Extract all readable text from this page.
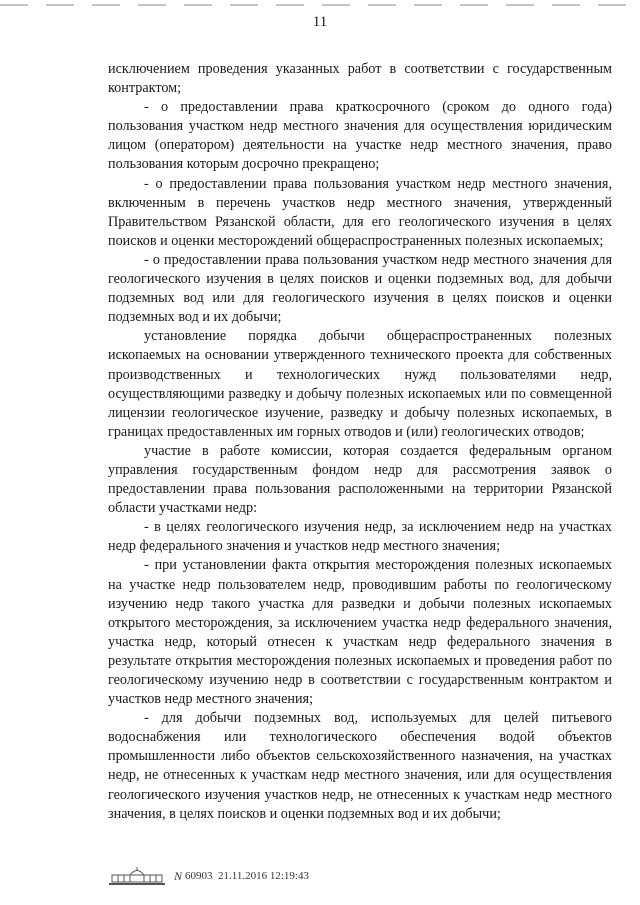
11

исключением проведения указанных работ в соответствии с государственным контрактом;

- о предоставлении права краткосрочного (сроком до одного года) пользования участком недр местного значения для осуществления юридическим лицом (оператором) деятельности на участке недр местного значения, право пользования которым досрочно прекращено;

- о предоставлении права пользования участком недр местного значения, включенным в перечень участков недр местного значения, утвержденный Правительством Рязанской области, для его геологического изучения в целях поисков и оценки месторождений общераспространенных полезных ископаемых;

- о предоставлении права пользования участком недр местного значения для геологического изучения в целях поисков и оценки подземных вод, для добычи подземных вод или для геологического изучения в целях поисков и оценки подземных вод и их добычи;

установление порядка добычи общераспространенных полезных ископаемых на основании утвержденного технического проекта для собственных производственных и технологических нужд пользователями недр, осуществляющими разведку и добычу полезных ископаемых или по совмещенной лицензии геологическое изучение, разведку и добычу полезных ископаемых, в границах предоставленных им горных отводов и (или) геологических отводов;

участие в работе комиссии, которая создается федеральным органом управления государственным фондом недр для рассмотрения заявок о предоставлении права пользования расположенными на территории Рязанской области участками недр:

- в целях геологического изучения недр, за исключением недр на участках недр федерального значения и участков недр местного значения;

- при установлении факта открытия месторождения полезных ископаемых на участке недр пользователем недр, проводившим работы по геологическому изучению недр такого участка для разведки и добычи полезных ископаемых открытого месторождения, за исключением участка недр федерального значения, участка недр, который отнесен к участкам недр федерального значения в результате открытия месторождения полезных ископаемых и проведения работ по геологическому изучению недр в соответствии с государственным контрактом и участков недр местного значения;

- для добычи подземных вод, используемых для целей питьевого водоснабжения или технологического обеспечения водой объектов промышленности либо объектов сельскохозяйственного назначения, на участках недр, не отнесенных к участкам недр местного значения, или для осуществления геологического изучения участков недр, не отнесенных к участкам недр местного значения, в целях поисков и оценки подземных вод и их добычи;

N 60903
21.11.2016 12:19:43
